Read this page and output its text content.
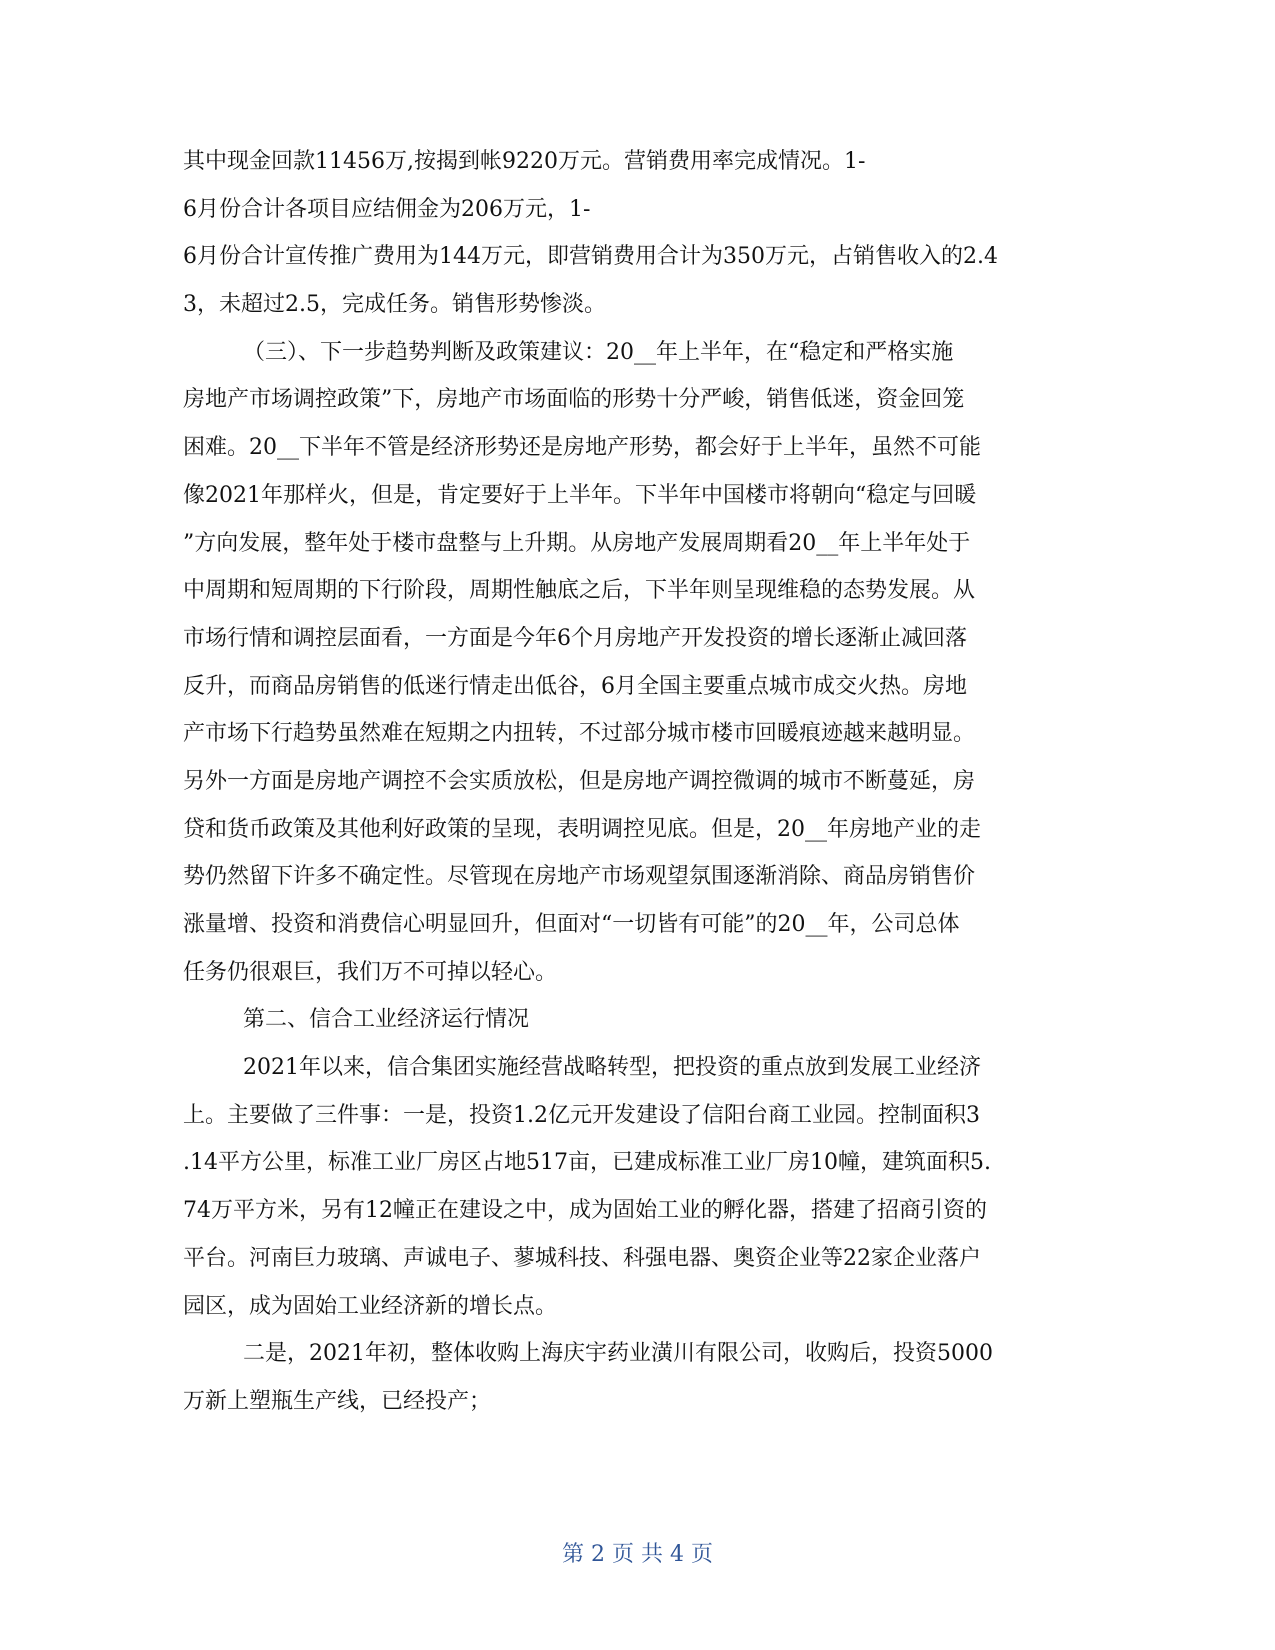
其中现金回款11456万,按揭到帐9220万元。营销费用率完成情况。1-
6月份合计各项目应结佣金为206万元，1-
6月份合计宣传推广费用为144万元，即营销费用合计为350万元，占销售收入的2.4
3，未超过2.5，完成任务。销售形势惨淡。
（三）、下一步趋势判断及政策建议：20__年上半年，在“稳定和严格实施
房地产市场调控政策”下，房地产市场面临的形势十分严峻，销售低迷，资金回笼
困难。20__下半年不管是经济形势还是房地产形势，都会好于上半年，虽然不可能
像2021年那样火，但是，肯定要好于上半年。下半年中国楼市将朝向“稳定与回暖
”方向发展，整年处于楼市盘整与上升期。从房地产发展周期看20__年上半年处于
中周期和短周期的下行阶段，周期性触底之后，下半年则呈现维稳的态势发展。从
市场行情和调控层面看，一方面是今年6个月房地产开发投资的增长逐渐止减回落
反升，而商品房销售的低迷行情走出低谷，6月全国主要重点城市成交火热。房地
产市场下行趋势虽然难在短期之内扭转，不过部分城市楼市回暖痕迹越来越明显。
另外一方面是房地产调控不会实质放松，但是房地产调控微调的城市不断蔓延，房
贷和货币政策及其他利好政策的呈现，表明调控见底。但是，20__年房地产业的走
势仍然留下许多不确定性。尽管现在房地产市场观望氛围逐渐消除、商品房销售价
涨量增、投资和消费信心明显回升，但面对“一切皆有可能”的20__年，公司总体
任务仍很艰巨，我们万不可掉以轻心。
第二、信合工业经济运行情况
2021年以来，信合集团实施经营战略转型，把投资的重点放到发展工业经济
上。主要做了三件事：一是，投资1.2亿元开发建设了信阳台商工业园。控制面积3
.14平方公里，标准工业厂房区占地517亩，已建成标准工业厂房10幢，建筑面积5.
74万平方米，另有12幢正在建设之中，成为固始工业的孵化器，搭建了招商引资的
平台。河南巨力玻璃、声诚电子、蓼城科技、科强电器、奥资企业等22家企业落户
园区，成为固始工业经济新的增长点。
二是，2021年初，整体收购上海庆宇药业潢川有限公司，收购后，投资5000
万新上塑瓶生产线，已经投产；
第 2 页 共 4 页
